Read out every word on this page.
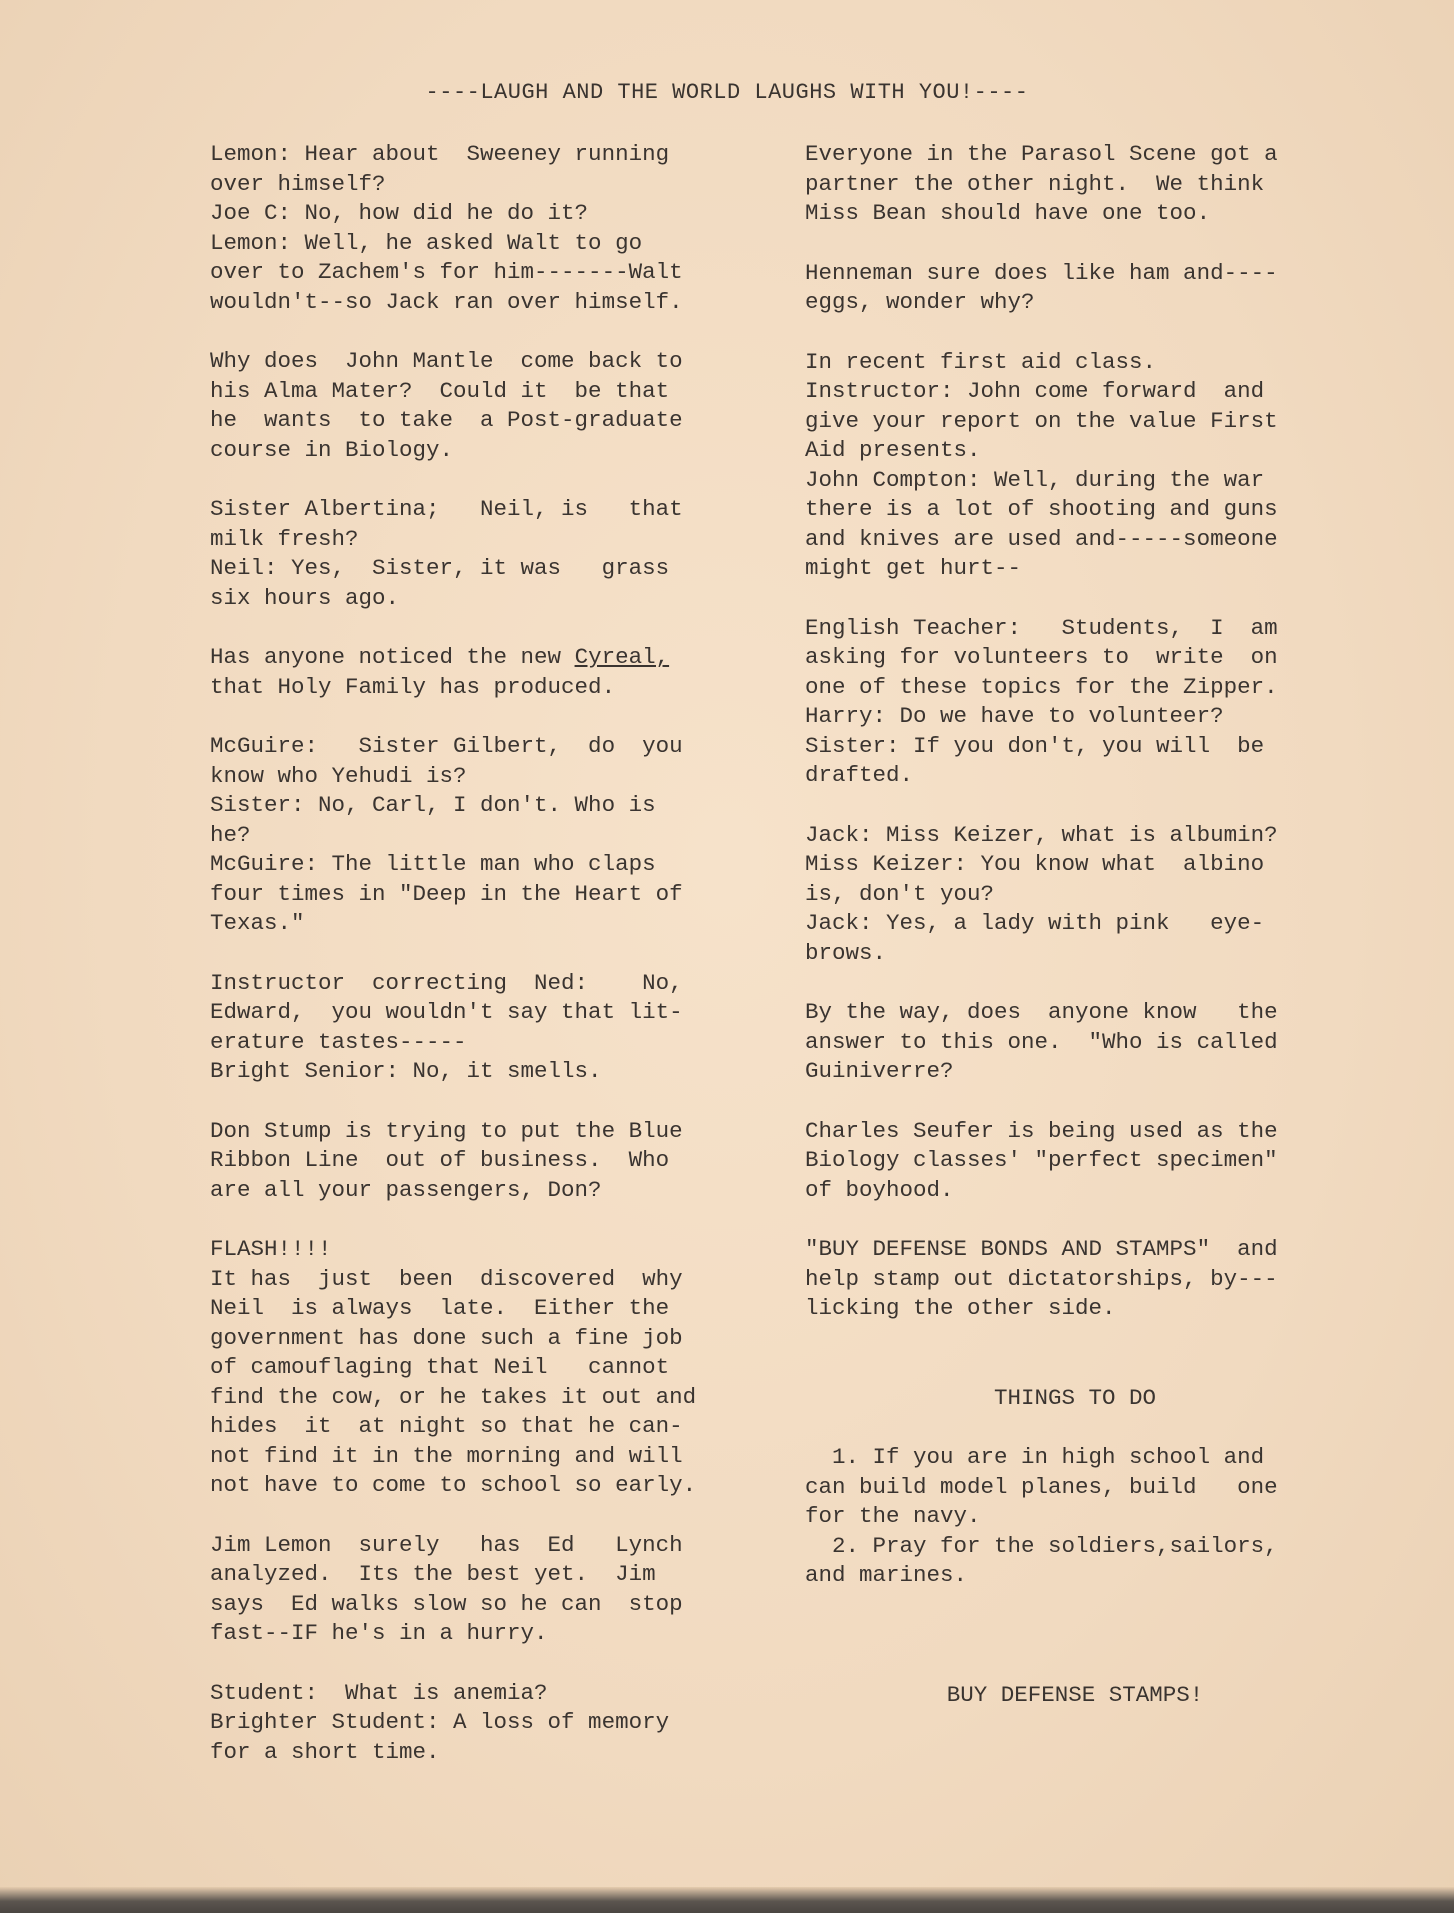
----LAUGH AND THE WORLD LAUGHS WITH YOU!----
Lemon: Hear about  Sweeney running
over himself?
Joe C: No, how did he do it?
Lemon: Well, he asked Walt to go
over to Zachem's for him-------Walt
wouldn't--so Jack ran over himself.
Why does  John Mantle  come back to
his Alma Mater?  Could it  be that
he  wants  to take  a Post-graduate
course in Biology.
Sister Albertina;   Neil, is   that
milk fresh?
Neil: Yes,  Sister, it was   grass
six hours ago.
Has anyone noticed the new Cyreal,
that Holy Family has produced.
McGuire:   Sister Gilbert,  do  you
know who Yehudi is?
Sister: No, Carl, I don't. Who is
he?
McGuire: The little man who claps
four times in "Deep in the Heart of
Texas."
Instructor  correcting  Ned:    No,
Edward,  you wouldn't say that lit-
erature tastes-----
Bright Senior: No, it smells.
Don Stump is trying to put the Blue
Ribbon Line  out of business.  Who
are all your passengers, Don?
FLASH!!!!
It has  just  been  discovered  why
Neil  is always  late.  Either the
government has done such a fine job
of camouflaging that Neil   cannot
find the cow, or he takes it out and
hides  it  at night so that he can-
not find it in the morning and will
not have to come to school so early.
Jim Lemon  surely   has  Ed   Lynch
analyzed.  Its the best yet.  Jim
says  Ed walks slow so he can  stop
fast--IF he's in a hurry.
Student:  What is anemia?
Brighter Student: A loss of memory
for a short time.
Everyone in the Parasol Scene got a
partner the other night.  We think
Miss Bean should have one too.
Henneman sure does like ham and----
eggs, wonder why?
In recent first aid class.
Instructor: John come forward  and
give your report on the value First
Aid presents.
John Compton: Well, during the war
there is a lot of shooting and guns
and knives are used and-----someone
might get hurt--
English Teacher:   Students,  I  am
asking for volunteers to  write  on
one of these topics for the Zipper.
Harry: Do we have to volunteer?
Sister: If you don't, you will  be
drafted.
Jack: Miss Keizer, what is albumin?
Miss Keizer: You know what  albino
is, don't you?
Jack: Yes, a lady with pink   eye-
brows.
By the way, does  anyone know   the
answer to this one.  "Who is called
Guiniverre?
Charles Seufer is being used as the
Biology classes' "perfect specimen"
of boyhood.
"BUY DEFENSE BONDS AND STAMPS"  and
help stamp out dictatorships, by---
licking the other side.
THINGS TO DO
1. If you are in high school and
can build model planes, build   one
for the navy.
2. Pray for the soldiers,sailors,
and marines.
BUY DEFENSE STAMPS!
